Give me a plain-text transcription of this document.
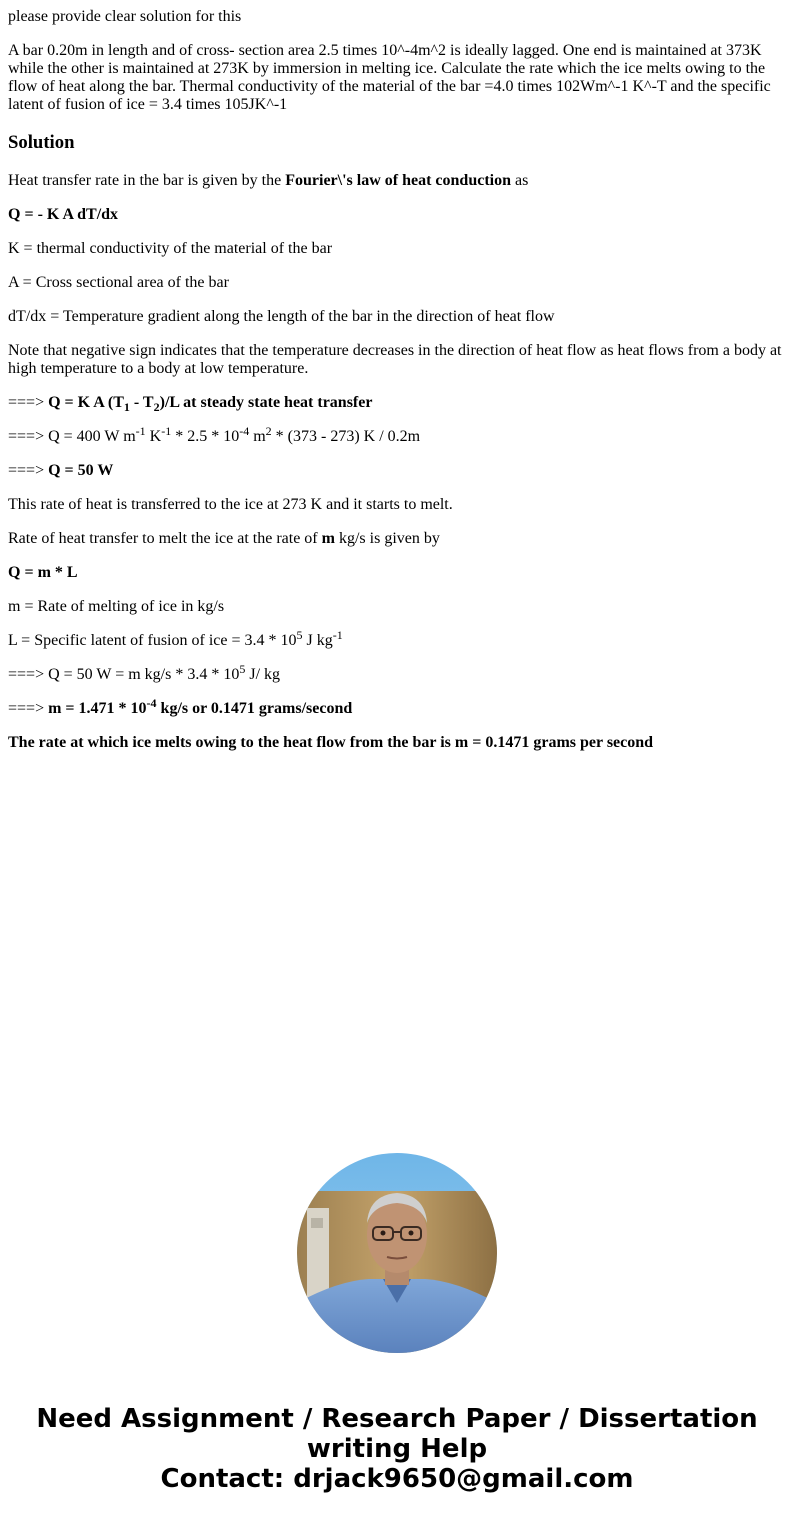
please provide clear solution for this

A bar 0.20m in length and of cross- section area 2.5 times 10^-4m^2 is ideally lagged. One end is maintained at 373K while the other is maintained at 273K by immersion in melting ice. Calculate the rate which the ice melts owing to the flow of heat along the bar. Thermal conductivity of the material of the bar =4.0 times 102Wm^-1 K^-T and the specific latent of fusion of ice = 3.4 times 105JK^-1

Solution

Heat transfer rate in the bar is given by the Fourier\'s law of heat conduction as

Q = - K A dT/dx

K = thermal conductivity of the material of the bar

A = Cross sectional area of the bar

dT/dx = Temperature gradient along the length of the bar in the direction of heat flow

Note that negative sign indicates that the temperature decreases in the direction of heat flow as heat flows from a body at high temperature to a body at low temperature.

===> Q = K A $(T_1 - T_2)/L$ at steady state heat transfer

===> Q = 400 W $m^{-1}$ $K^{-1} * 2.5 * 10^{-4}$ $m^2 * (373 - 273)$ K / 0.2m

===> Q = 50 W

This rate of heat is transferred to the ice at 273 K and it starts to melt.

Rate of heat transfer to melt the ice at the rate of m kg/s is given by

Q = m * L

m = Rate of melting of ice in kg/s

L = Specific latent of fusion of ice = $3.4 * 10^5$ J $kg^{-1}$

===> Q = 50 W = m $kg/s * 3.4 * 10^5$ J/ kg

===> $m = 1.471 * 10^{-4}$ kg/s or 0.1471 grams/second

The rate at which ice melts owing to the heat flow from the bar is m = 0.1471 grams per second

Need Assignment / Research Paper / Dissertation
writing Help
Contact: drjack9650@gmail.com
